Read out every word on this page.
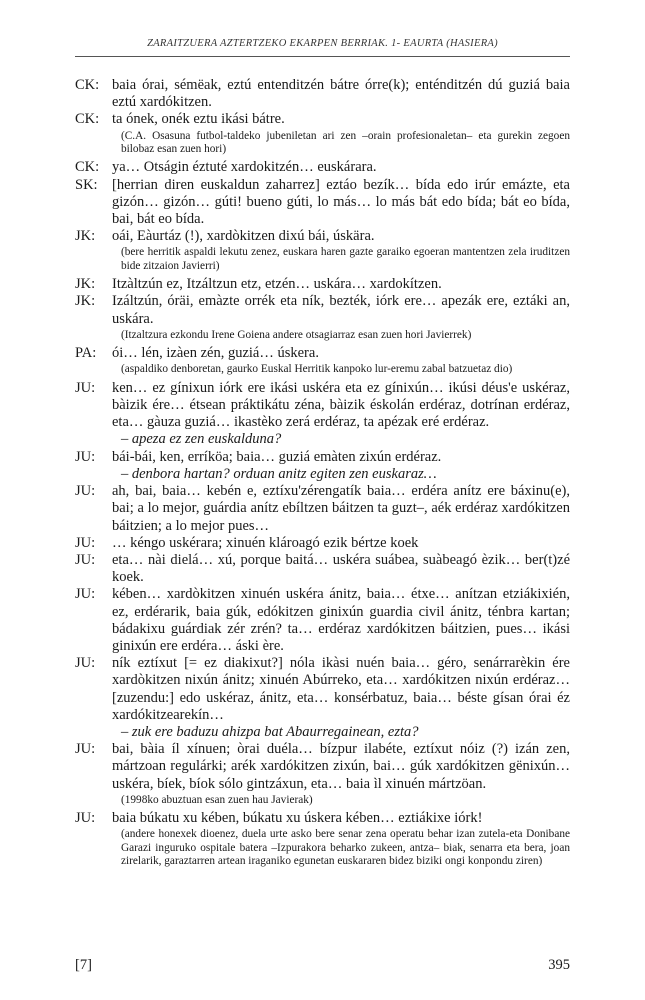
ZARAITZUERA AZTERTZEKO EKARPEN BERRIAK. 1- EAURTA (HASIERA)
CK: baia órai, sémëak, eztú entenditzén bátre órre(k); enténditzén dú guziá baia eztú xardókitzen.
CK: ta ónek, onék eztu ikási bátre.
(C.A. Osasuna futbol-taldeko jubeniletan ari zen –orain profesionaletan– eta gurekin zegoen bilobaz esan zuen hori)
CK: ya… Otságin éztuté xardokitzén… euskárara.
SK: [herrian diren euskaldun zaharrez] eztáo bezík… bída edo irúr emázte, eta gizón… gizón… gúti! bueno gúti, lo más… lo más bát edo bída; bát eo bída, bai, bát eo bída.
JK:	oái, Eàurtáz (!), xardòkitzen dixú bái, úskära.
(bere herritik aspaldi lekutu zenez, euskara haren gazte garaiko egoeran mantentzen zela iruditzen bide zitzaion Javierri)
JK:	Itzàltzún ez, Itzáltzun etz, etzén… uskára… xardokítzen.
JK:	Izáltzún, óräi, emàzte orrék eta ník, bezték, iórk ere… apezák ere, eztáki an, uskára.
(Itzaltzura ezkondu Irene Goiena andere otsagiarraz esan zuen hori Javierrek)
PA:	ói… lén, izàen zén, guziá… úskera.
(aspaldiko denboretan, gaurko Euskal Herritik kanpoko lur-eremu zabal batzuetaz dio)
JU:	ken… ez gínixun iórk ere ikási uskéra eta ez gínixún… ikúsi déus'e uskéraz, bàizik ére… étsean práktikátu zéna, bàizik éskolán erdéraz, dotrínan erdéraz, eta… gàuza guziá… ikastèko zerá erdéraz, ta apézak eré erdéraz.
– apeza ez zen euskalduna?
JU:	bái-bái, ken, erríköa; baia… guziá emàten zixún erdéraz.
– denbora hartan? orduan anitz egiten zen euskaraz…
JU:	ah, bai, baia… kebén e, eztíxu'zérengatík baia… erdéra anítz ere báxinu(e), bai; a lo mejor, guárdia anítz ebíltzen báitzen ta guzt–, aék erdéraz xardókitzen báitzien; a lo mejor pues…
JU:	… kéngo uskérara; xinuén klároagó ezik bértze koek
JU:	eta… nài dielá… xú, porque baitá… uskéra suábea, suàbeagó èzik… ber(t)zé koek.
JU:	kében… xardòkitzen xinuén uskéra ánitz, baia… étxe… anítzan etziákixién, ez, erdérarik, baia gúk, edókitzen ginixún guardia civil ánitz, ténbra kartan; bádakixu guárdiak zér zrén? ta… erdéraz xardókitzen báitzien, pues… ikási ginixún ere erdéra… áski ère.
JU:	ník eztíxut [= ez diakixut?] nóla ikàsi nuén baia… géro, senárrarèkin ére xardòkitzen nixún ánitz; xinuén Abúrreko, eta… xardókitzen nixún erdéraz… [zuzendu:] edo uskéraz, ánitz, eta… konsérbatuz, baia… béste gísan órai éz xardókitzearekín…
– zuk ere baduzu ahizpa bat Abaurregainean, ezta?
JU:	bai, bàia íl xínuen; òrai duéla… bízpur ilabéte, eztíxut nóiz (?) izán zen, mártzoan regulárki; arék xardókitzen zixún, bai… gúk xardókitzen gënixún… uskéra, bíek, bíok sólo gintzáxun, eta… baia ìl xinuén mártzöan.
(1998ko abuztuan esan zuen hau Javierak)
JU:	baia búkatu xu kében, búkatu xu úskera kében… eztiákixe iórk!
(andere honexek dioenez, duela urte asko bere senar zena operatu behar izan zutela-eta Donibane Garazi inguruko ospitale batera –Izpurakora beharko zukeen, antza– biak, senarra eta bera, joan zirelarik, garaztarren artean iraganiko egunetan euskararen bidez biziki ongi konpondu ziren)
[7]	395
